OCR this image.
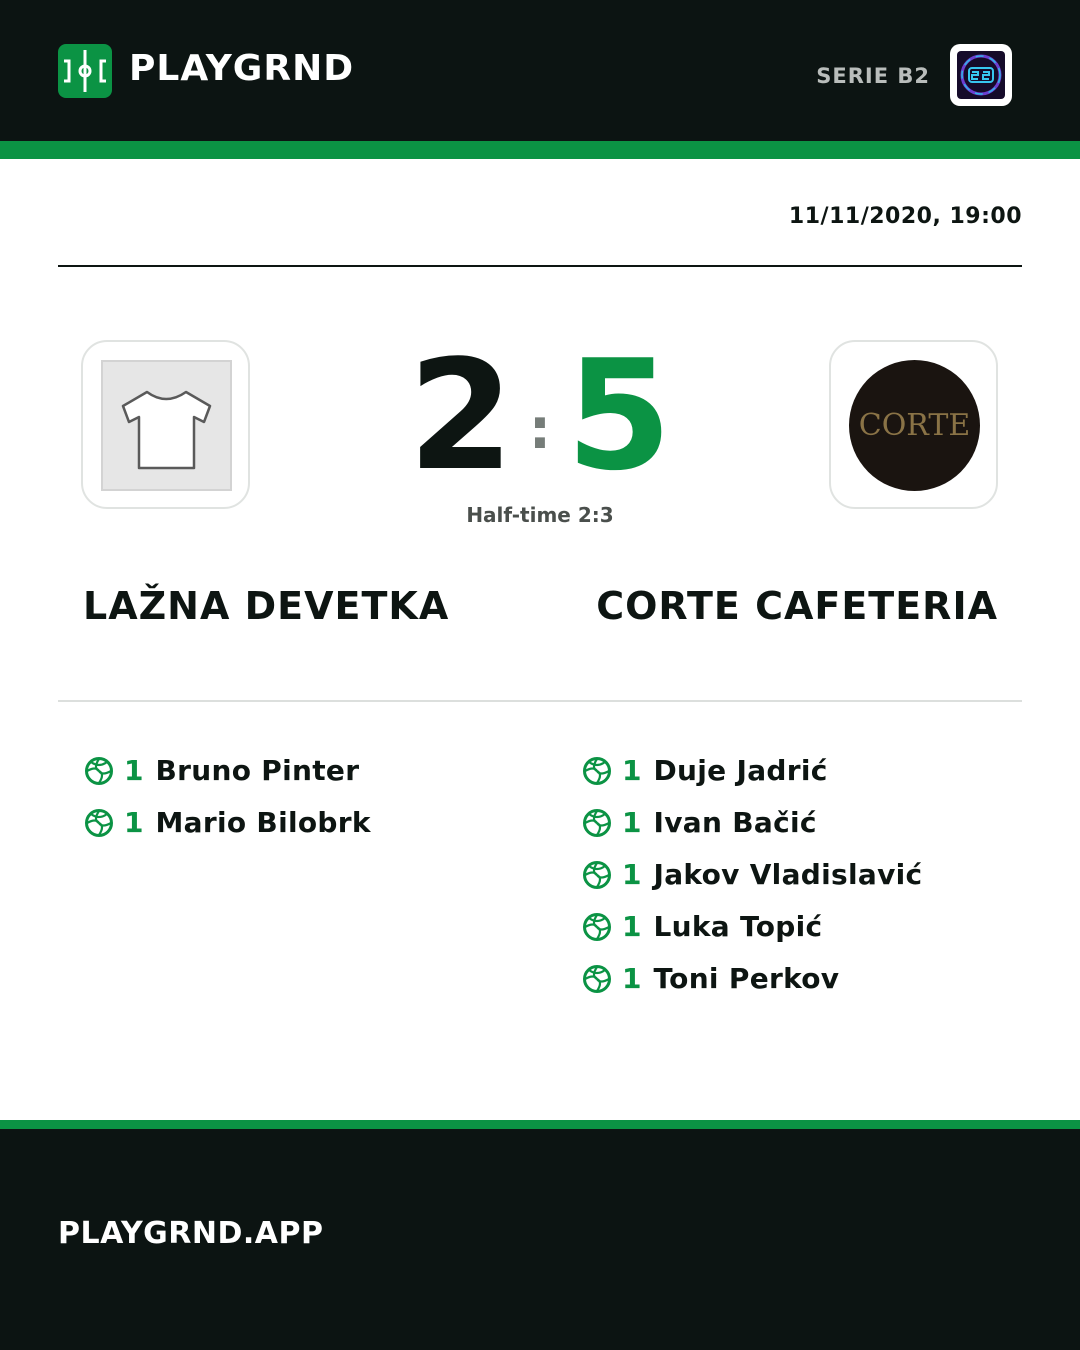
PLAYGRND	SERIE B2
11/11/2020, 19:00
2 : 5
Half-time 2:3
CORTE
LAŽNA DEVETKA	CORTE CAFETERIA
1 Bruno Pinter
1 Mario Bilobrk
1 Duje Jadrić
1 Ivan Bačić
1 Jakov Vladislavić
1 Luka Topić
1 Toni Perkov
PLAYGRND.APP
